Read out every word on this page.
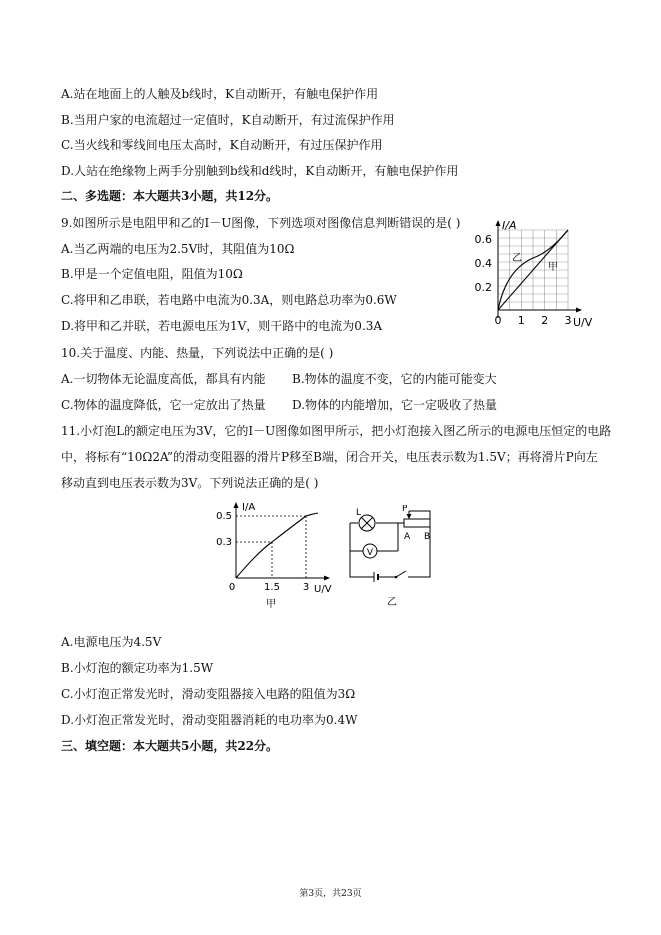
A.站在地面上的人触及b线时，K自动断开，有触电保护作用
B.当用户家的电流超过一定值时，K自动断开，有过流保护作用
C.当火线和零线间电压太高时，K自动断开，有过压保护作用
D.人站在绝缘物上两手分别触到b线和d线时，K自动断开，有触电保护作用
二、多选题：本大题共3小题，共12分。
9.如图所示是电阻甲和乙的I－U图像，下列选项对图像信息判断错误的是( )
A.当乙两端的电压为2.5V时，其阻值为10Ω
B.甲是一个定值电阻，阻值为10Ω
C.将甲和乙串联，若电路中电流为0.3A，则电路总功率为0.6W
D.将甲和乙并联，若电源电压为1V，则干路中的电流为0.3A
I/A
0.6
0.4
0.2
0 1 2 3 U/V
乙
甲
10.关于温度、内能、热量，下列说法中正确的是( )
A.一切物体无论温度高低，都具有内能 B.物体的温度不变，它的内能可能变大
C.物体的温度降低，它一定放出了热量 D.物体的内能增加，它一定吸收了热量
11.小灯泡L的额定电压为3V，它的I－U图像如图甲所示，把小灯泡接入图乙所示的电源电压恒定的电路
中，将标有“10Ω2A”的滑动变阻器的滑片P移至B端，闭合开关，电压表示数为1.5V；再将滑片P向左
移动直到电压表示数为3V。下列说法正确的是( )
I/A
0.5
0.3
0	1.5 3 U/V
甲
V
L	P
A B
乙
A.电源电压为4.5V
B.小灯泡的额定功率为1.5W
C.小灯泡正常发光时，滑动变阻器接入电路的阻值为3Ω
D.小灯泡正常发光时，滑动变阻器消耗的电功率为0.4W
三、填空题：本大题共5小题，共22分。
第3页，共23页
